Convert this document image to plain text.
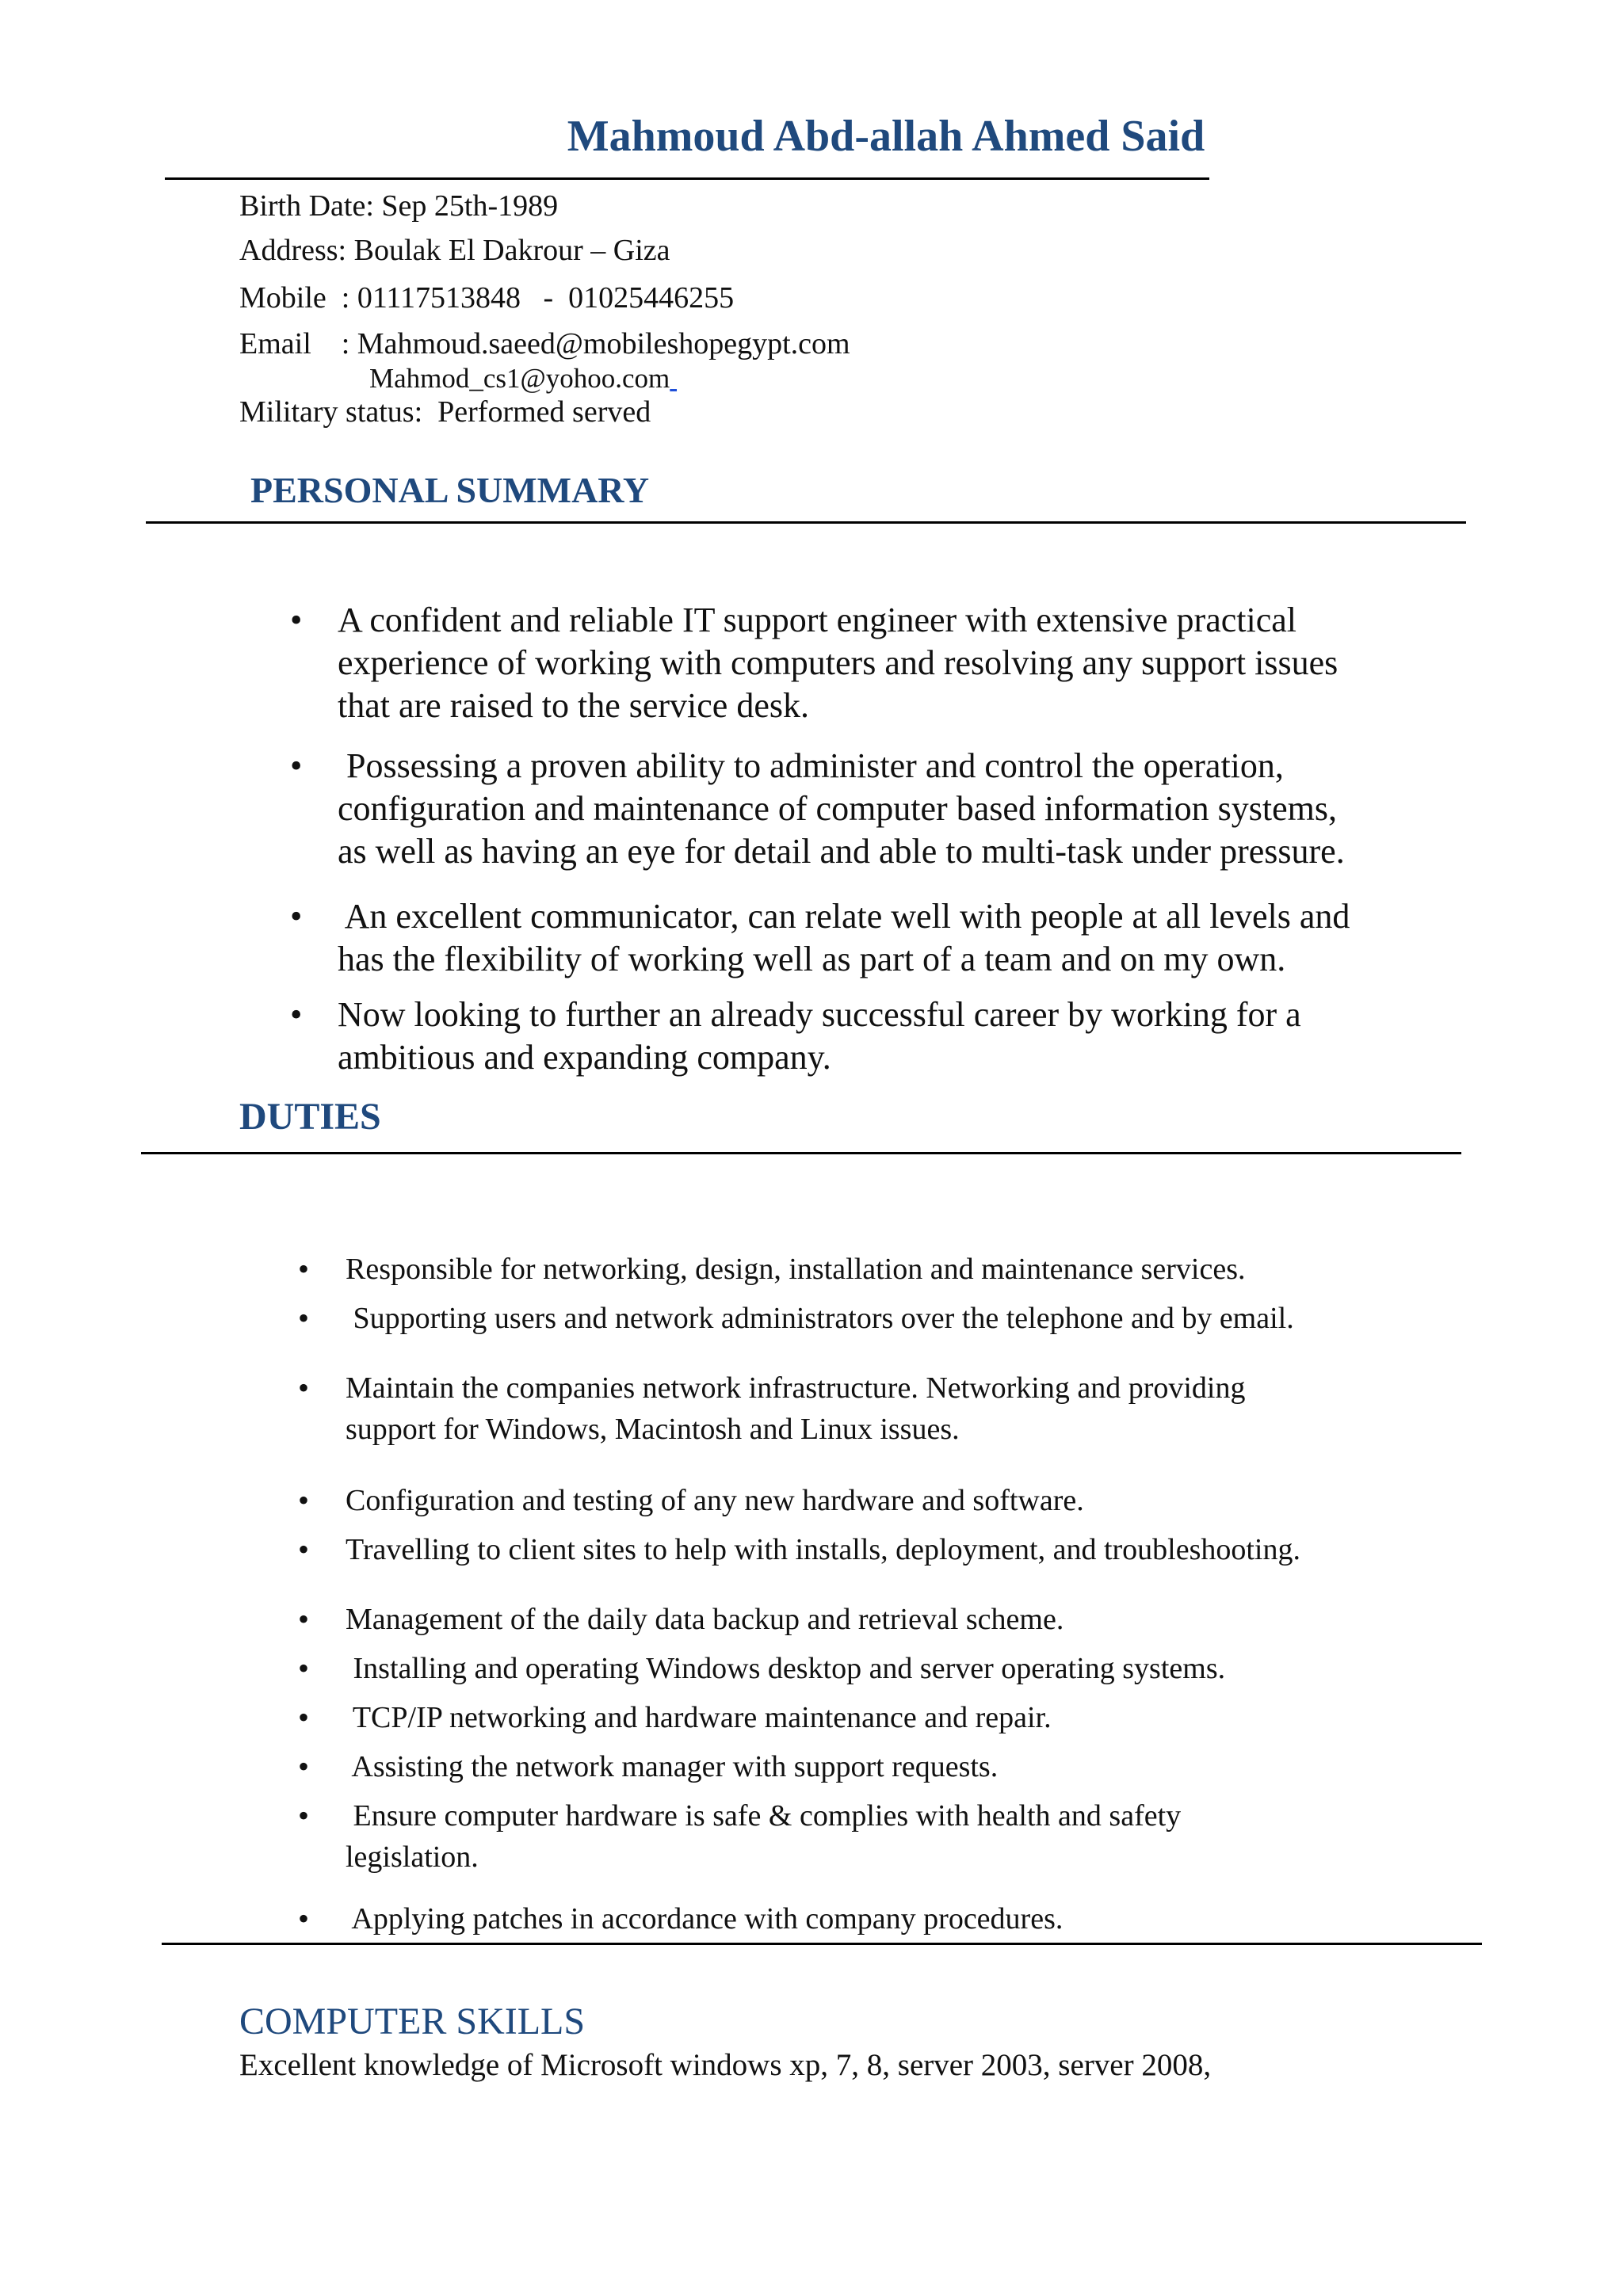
Mahmoud Abd-allah Ahmed Said
Birth Date: Sep 25th-1989
Address: Boulak El Dakrour – Giza
Mobile  : 01117513848   -  01025446255
Email    : Mahmoud.saeed@mobileshopegypt.com
Mahmod_cs1@yohoo.com
Military status:  Performed served
PERSONAL SUMMARY
• A confident and reliable IT support engineer with extensive practical
experience of working with computers and resolving any support issues
that are raised to the service desk.
• Possessing a proven ability to administer and control the operation,
configuration and maintenance of computer based information systems,
as well as having an eye for detail and able to multi-task under pressure.
• An excellent communicator, can relate well with people at all levels and
has the flexibility of working well as part of a team and on my own.
• Now looking to further an already successful career by working for a
ambitious and expanding company.
DUTIES
• Responsible for networking, design, installation and maintenance services.
• Supporting users and network administrators over the telephone and by email.
• Maintain the companies network infrastructure. Networking and providing
support for Windows, Macintosh and Linux issues.
• Configuration and testing of any new hardware and software.
• Travelling to client sites to help with installs, deployment, and troubleshooting.
• Management of the daily data backup and retrieval scheme.
• Installing and operating Windows desktop and server operating systems.
• TCP/IP networking and hardware maintenance and repair.
• Assisting the network manager with support requests.
• Ensure computer hardware is safe & complies with health and safety
legislation.
• Applying patches in accordance with company procedures.
COMPUTER SKILLS
Excellent knowledge of Microsoft windows xp, 7, 8, server 2003, server 2008,
